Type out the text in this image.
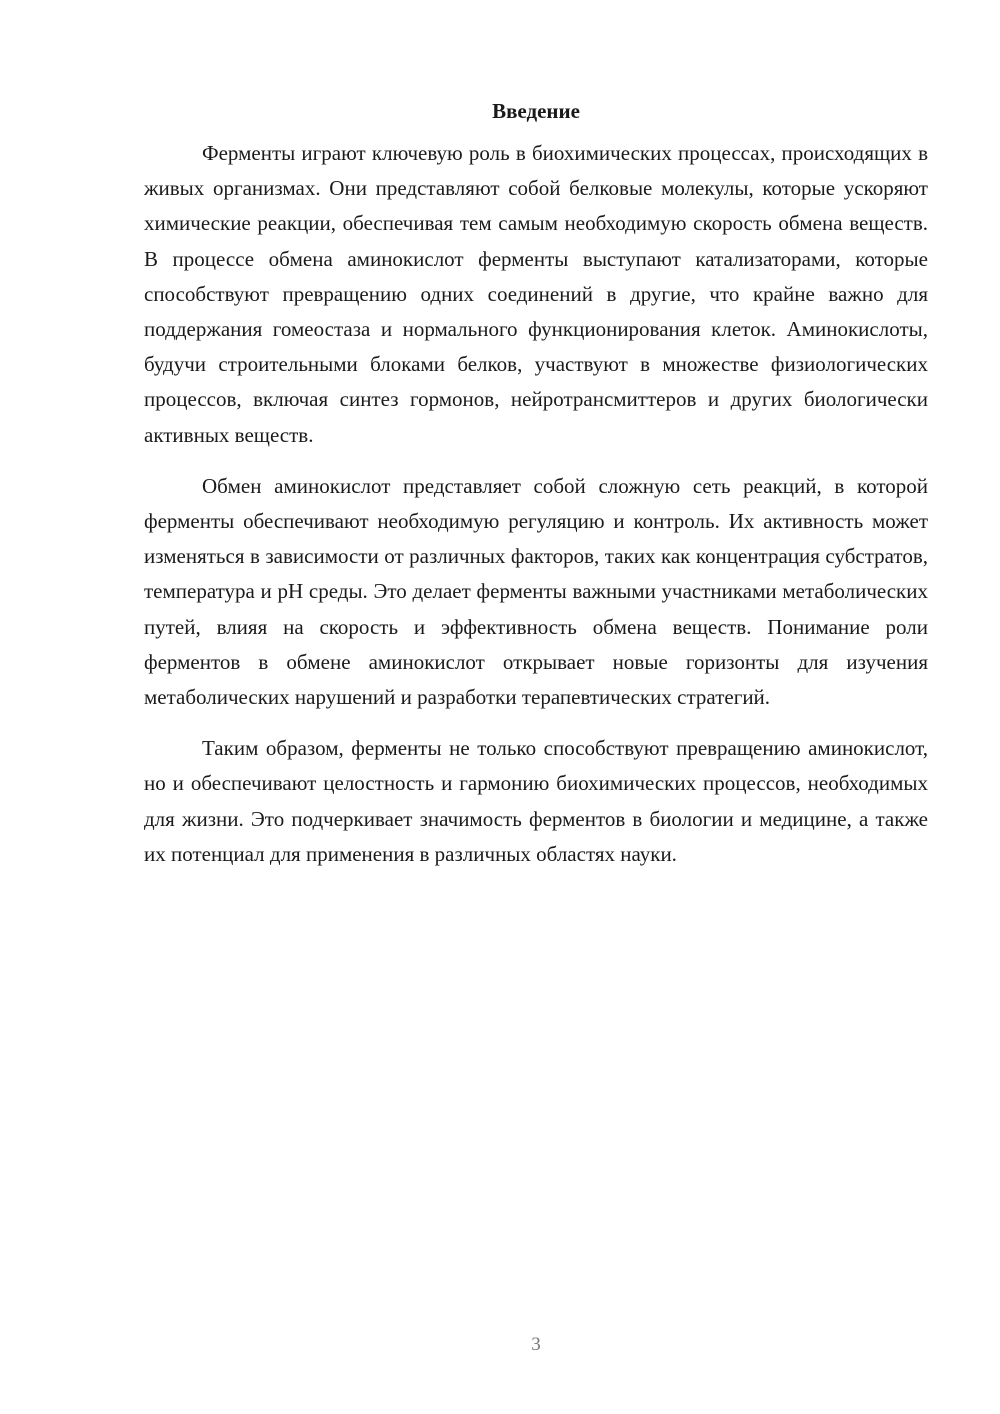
Введение

Ферменты играют ключевую роль в биохимических процессах, происходящих в живых организмах. Они представляют собой белковые молекулы, которые ускоряют химические реакции, обеспечивая тем самым необходимую скорость обмена веществ. В процессе обмена аминокислот ферменты выступают катализаторами, которые способствуют превращению одних соединений в другие, что крайне важно для поддержания гомеостаза и нормального функционирования клеток. Аминокислоты, будучи строительными блоками белков, участвуют в множестве физиологических процессов, включая синтез гормонов, нейротрансмиттеров и других биологически активных веществ.

Обмен аминокислот представляет собой сложную сеть реакций, в которой ферменты обеспечивают необходимую регуляцию и контроль. Их активность может изменяться в зависимости от различных факторов, таких как концентрация субстратов, температура и pH среды. Это делает ферменты важными участниками метаболических путей, влияя на скорость и эффективность обмена веществ. Понимание роли ферментов в обмене аминокислот открывает новые горизонты для изучения метаболических нарушений и разработки терапевтических стратегий.

Таким образом, ферменты не только способствуют превращению аминокислот, но и обеспечивают целостность и гармонию биохимических процессов, необходимых для жизни. Это подчеркивает значимость ферментов в биологии и медицине, а также их потенциал для применения в различных областях науки.

3
